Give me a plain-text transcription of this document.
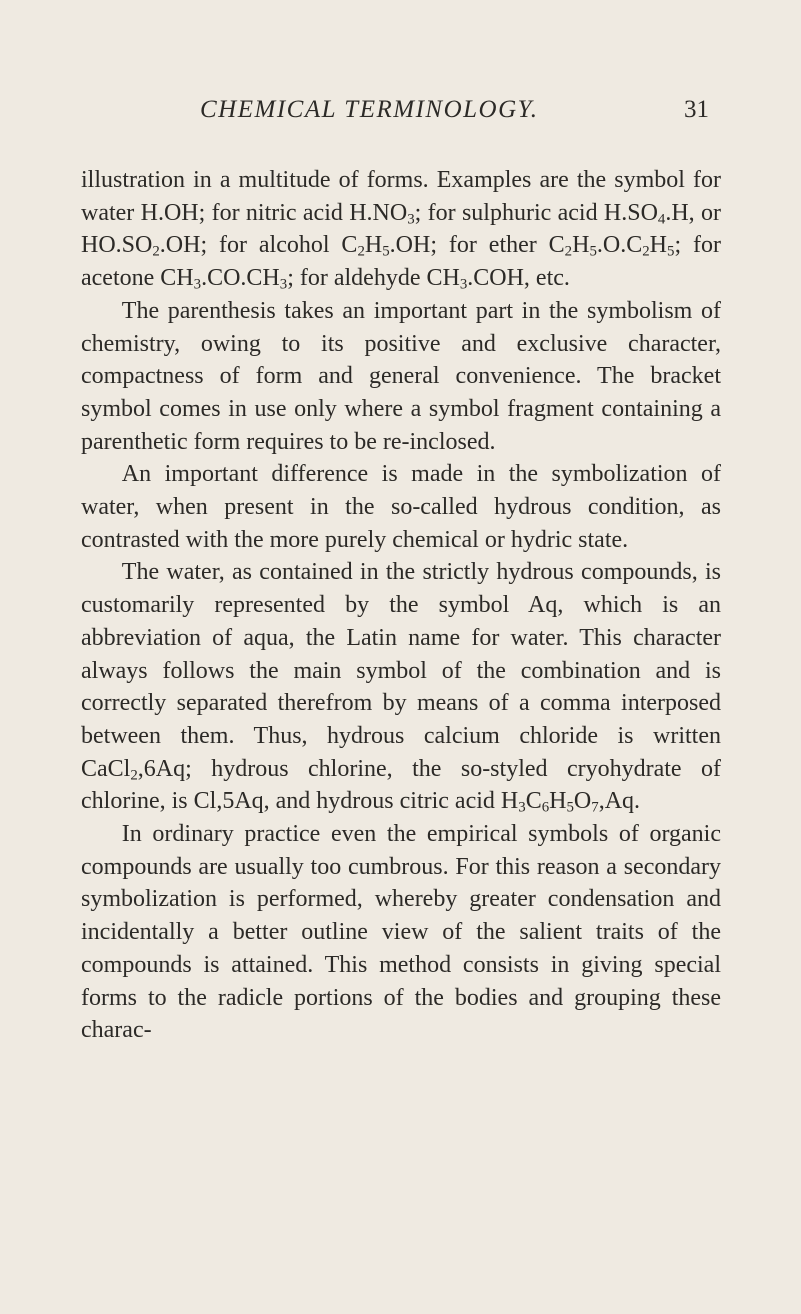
CHEMICAL TERMINOLOGY.	31

illustration in a multitude of forms. Examples are the symbol for water H.OH; for nitric acid $H.NO_3$; for sulphuric acid $H.SO_4.H$, or $HO.SO_2.OH$; for alcohol $C_2H_5.OH$; for ether $C_2H_5.O.C_2H_5$; for acetone $CH_3.CO.CH_3$; for aldehyde $CH_3.COH$, etc.

The parenthesis takes an important part in the symbolism of chemistry, owing to its positive and exclusive character, compactness of form and general convenience. The bracket symbol comes in use only where a symbol fragment containing a parenthetic form requires to be re-inclosed.

An important difference is made in the symbolization of water, when present in the so-called hydrous condition, as contrasted with the more purely chemical or hydric state.

The water, as contained in the strictly hydrous compounds, is customarily represented by the symbol Aq, which is an abbreviation of aqua, the Latin name for water. This character always follows the main symbol of the combination and is correctly separated therefrom by means of a comma interposed between them. Thus, hydrous calcium chloride is written CaCl$_2$,6Aq; hydrous chlorine, the so-styled cryohydrate of chlorine, is Cl,5Aq, and hydrous citric acid $H_3C_6H_5O_7,Aq$.

In ordinary practice even the empirical symbols of organic compounds are usually too cumbrous. For this reason a secondary symbolization is performed, whereby greater condensation and incidentally a better outline view of the salient traits of the compounds is attained. This method consists in giving special forms to the radicle portions of the bodies and grouping these charac-
